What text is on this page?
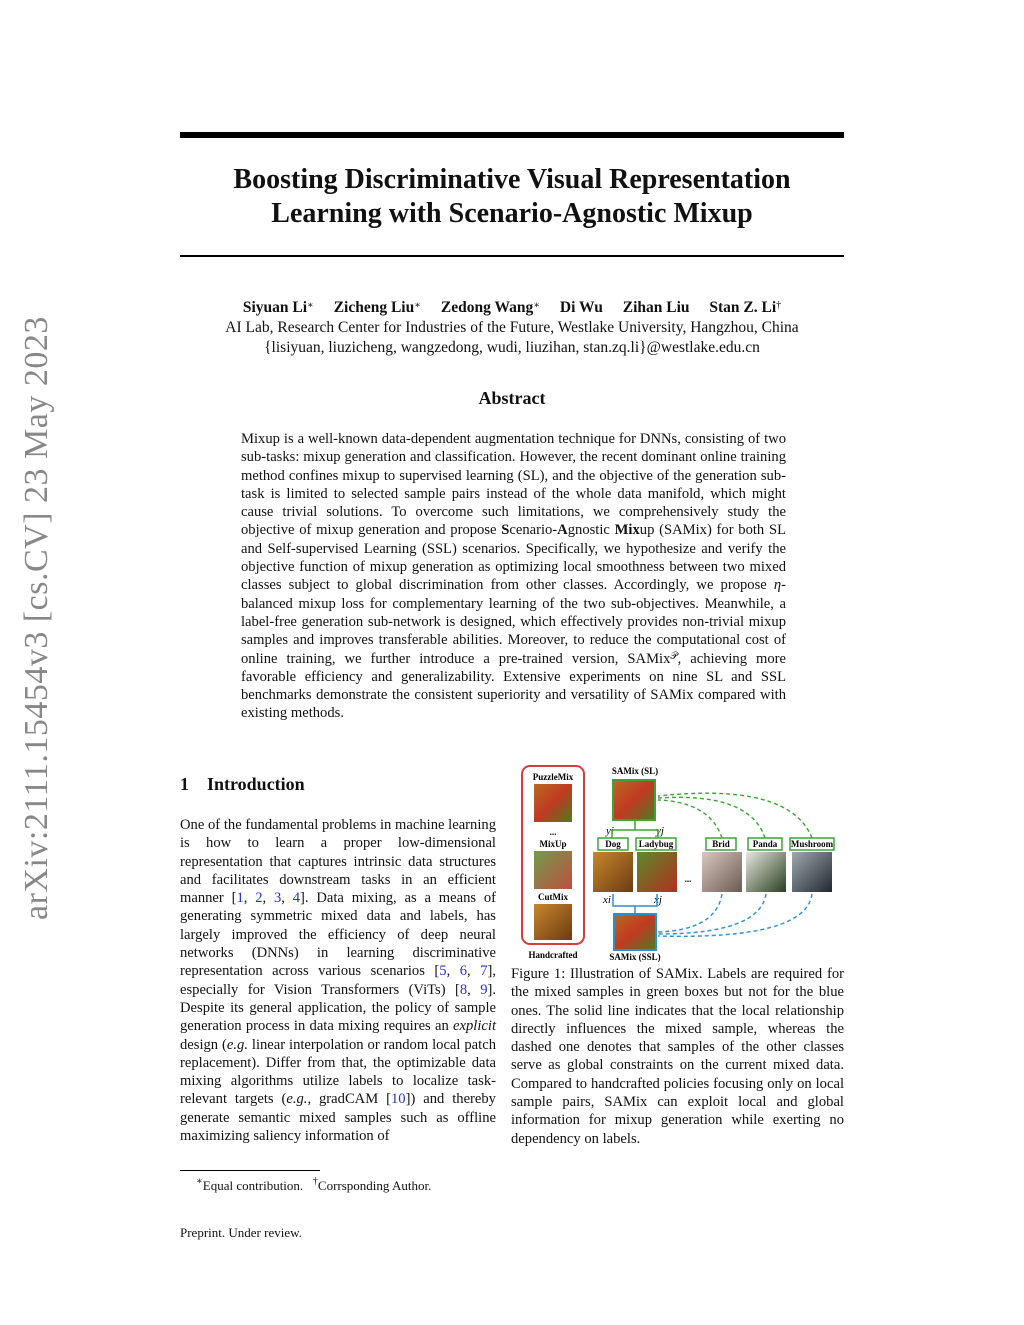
arXiv:2111.15454v3 [cs.CV] 23 May 2023
Boosting Discriminative Visual Representation
Learning with Scenario-Agnostic Mixup
Siyuan Li∗ Zicheng Liu∗ Zedong Wang∗ Di Wu Zihan Liu Stan Z. Li†
AI Lab, Research Center for Industries of the Future, Westlake University, Hangzhou, China
{lisiyuan, liuzicheng, wangzedong, wudi, liuzihan, stan.zq.li}@westlake.edu.cn
Abstract
Mixup is a well-known data-dependent augmentation technique for DNNs, consisting of two sub-tasks: mixup generation and classification. However, the recent dominant online training method confines mixup to supervised learning (SL), and the objective of the generation sub-task is limited to selected sample pairs instead of the whole data manifold, which might cause trivial solutions. To overcome such limitations, we comprehensively study the objective of mixup generation and propose Scenario-Agnostic Mixup (SAMix) for both SL and Self-supervised Learning (SSL) scenarios. Specifically, we hypothesize and verify the objective function of mixup generation as optimizing local smoothness between two mixed classes subject to global discrimination from other classes. Accordingly, we propose η-balanced mixup loss for complementary learning of the two sub-objectives. Meanwhile, a label-free generation sub-network is designed, which effectively provides non-trivial mixup samples and improves transferable abilities. Moreover, to reduce the computational cost of online training, we further introduce a pre-trained version, SAMix$^𝒫$, achieving more favorable efficiency and generalizability. Extensive experiments on nine SL and SSL benchmarks demonstrate the consistent superiority and versatility of SAMix compared with existing methods.
1 Introduction
One of the fundamental problems in machine learning is how to learn a proper low-dimensional representation that captures intrinsic data structures and facilitates downstream tasks in an efficient manner [1, 2, 3, 4]. Data mixing, as a means of generating symmetric mixed data and labels, has largely improved the efficiency of deep neural networks (DNNs) in learning discriminative representation across various scenarios [5, 6, 7], especially for Vision Transformers (ViTs) [8, 9]. Despite its general application, the policy of sample generation process in data mixing requires an explicit design (e.g. linear interpolation or random local patch replacement). Differ from that, the optimizable data mixing algorithms utilize labels to localize task-relevant targets (e.g., gradCAM [10]) and thereby generate semantic mixed samples such as offline maximizing saliency information of
PuzzleMix
...
MixUp
CutMix
Handcrafted
SAMix (SL)
yi	yj
Dog Ladybug	Brid	Panda Mushroom
...
xi	xj
SAMix (SSL)
Figure 1: Illustration of SAMix. Labels are required for the mixed samples in green boxes but not for the blue ones. The solid line indicates that the local relationship directly influences the mixed sample, whereas the dashed one denotes that samples of the other classes serve as global constraints on the current mixed data. Compared to handcrafted policies focusing only on local sample pairs, SAMix can exploit local and global information for mixup generation while exerting no dependency on labels.
∗Equal contribution. †Corrsponding Author.
Preprint. Under review.
